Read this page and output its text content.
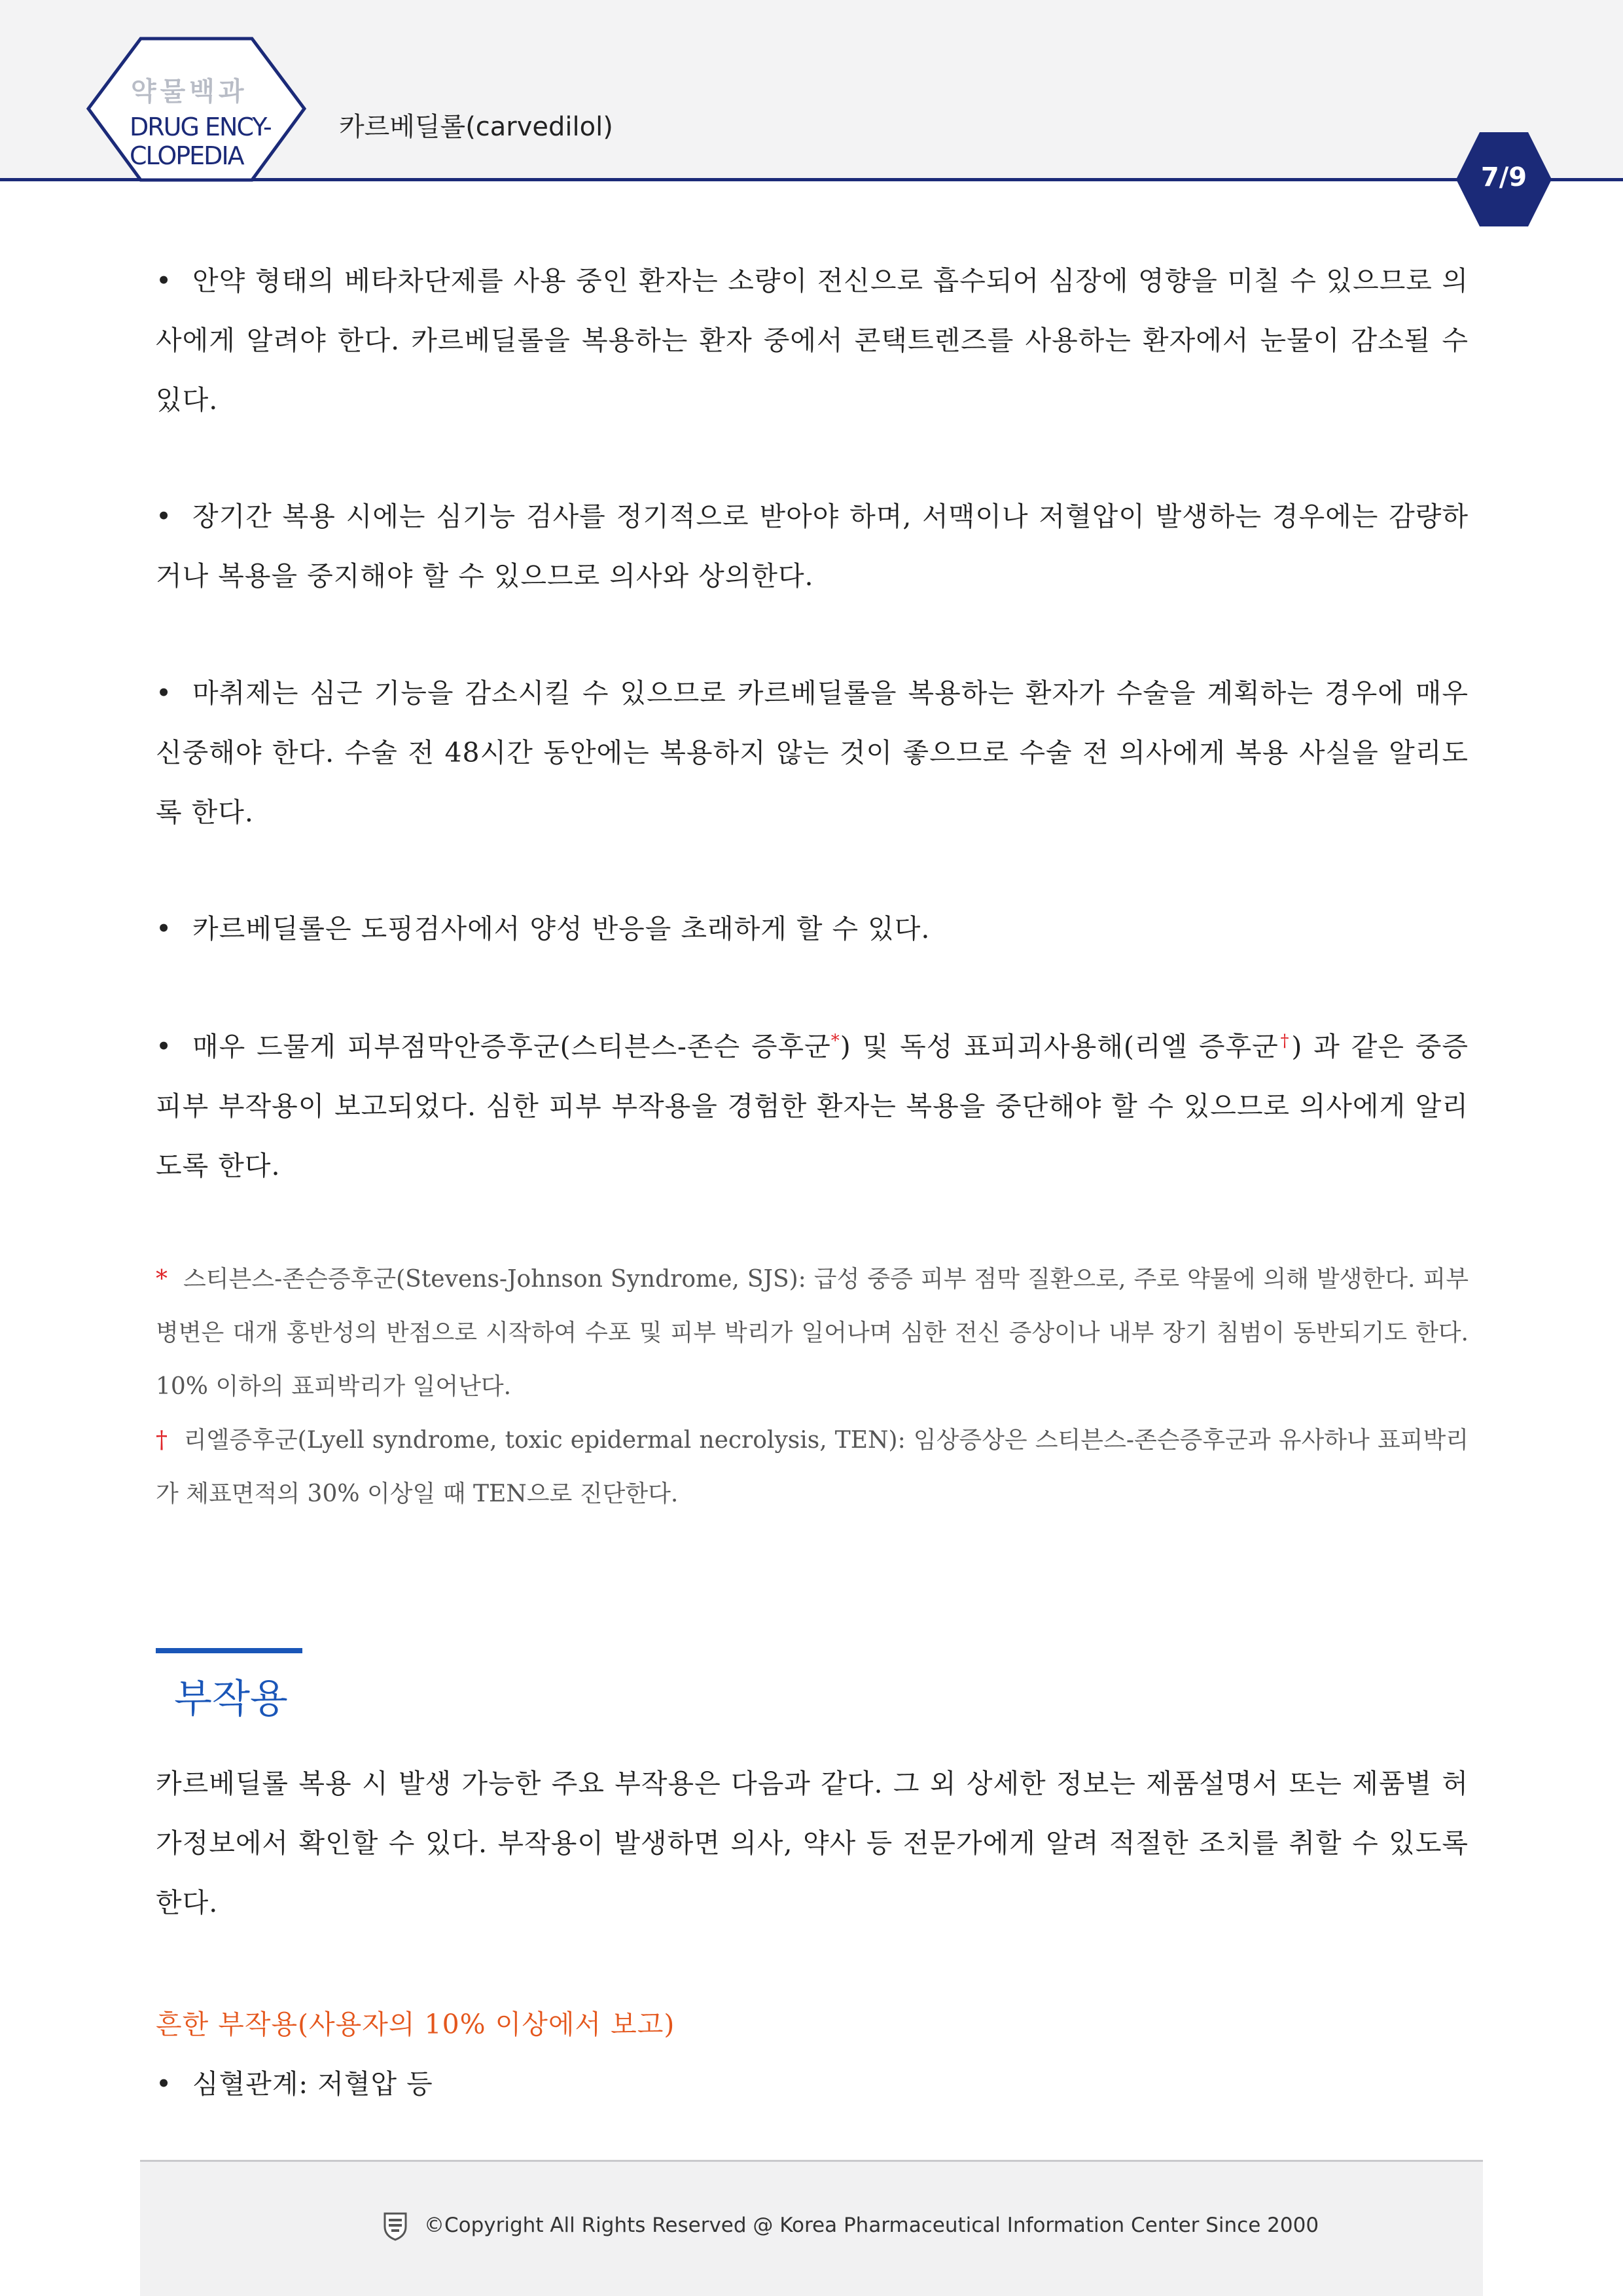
약물백과
DRUG ENCY-
CLOPEDIA
카르베딜롤(carvedilol)
7/9

• 안약 형태의 베타차단제를 사용 중인 환자는 소량이 전신으로 흡수되어 심장에 영향을 미칠 수 있으므로 의사에게 알려야 한다. 카르베딜롤을 복용하는 환자 중에서 콘택트렌즈를 사용하는 환자에서 눈물이 감소될 수 있다.

• 장기간 복용 시에는 심기능 검사를 정기적으로 받아야 하며, 서맥이나 저혈압이 발생하는 경우에는 감량하거나 복용을 중지해야 할 수 있으므로 의사와 상의한다.

• 마취제는 심근 기능을 감소시킬 수 있으므로 카르베딜롤을 복용하는 환자가 수술을 계획하는 경우에 매우 신중해야 한다. 수술 전 48시간 동안에는 복용하지 않는 것이 좋으므로 수술 전 의사에게 복용 사실을 알리도록 한다.

• 카르베딜롤은 도핑검사에서 양성 반응을 초래하게 할 수 있다.

• 매우 드물게 피부점막안증후군(스티븐스-존슨 증후군*) 및 독성 표피괴사용해(리엘 증후군†) 과 같은 중증 피부 부작용이 보고되었다. 심한 피부 부작용을 경험한 환자는 복용을 중단해야 할 수 있으므로 의사에게 알리도록 한다.

* 스티븐스-존슨증후군(Stevens-Johnson Syndrome, SJS): 급성 중증 피부 점막 질환으로, 주로 약물에 의해 발생한다. 피부 병변은 대개 홍반성의 반점으로 시작하여 수포 및 피부 박리가 일어나며 심한 전신 증상이나 내부 장기 침범이 동반되기도 한다. 10% 이하의 표피박리가 일어난다.

† 리엘증후군(Lyell syndrome, toxic epidermal necrolysis, TEN): 임상증상은 스티븐스-존슨증후군과 유사하나 표피박리가 체표면적의 30% 이상일 때 TEN으로 진단한다.

부작용

카르베딜롤 복용 시 발생 가능한 주요 부작용은 다음과 같다. 그 외 상세한 정보는 제품설명서 또는 제품별 허가정보에서 확인할 수 있다. 부작용이 발생하면 의사, 약사 등 전문가에게 알려 적절한 조치를 취할 수 있도록 한다.

흔한 부작용(사용자의 10% 이상에서 보고)

• 심혈관계: 저혈압 등

©Copyright All Rights Reserved @ Korea Pharmaceutical Information Center Since 2000
